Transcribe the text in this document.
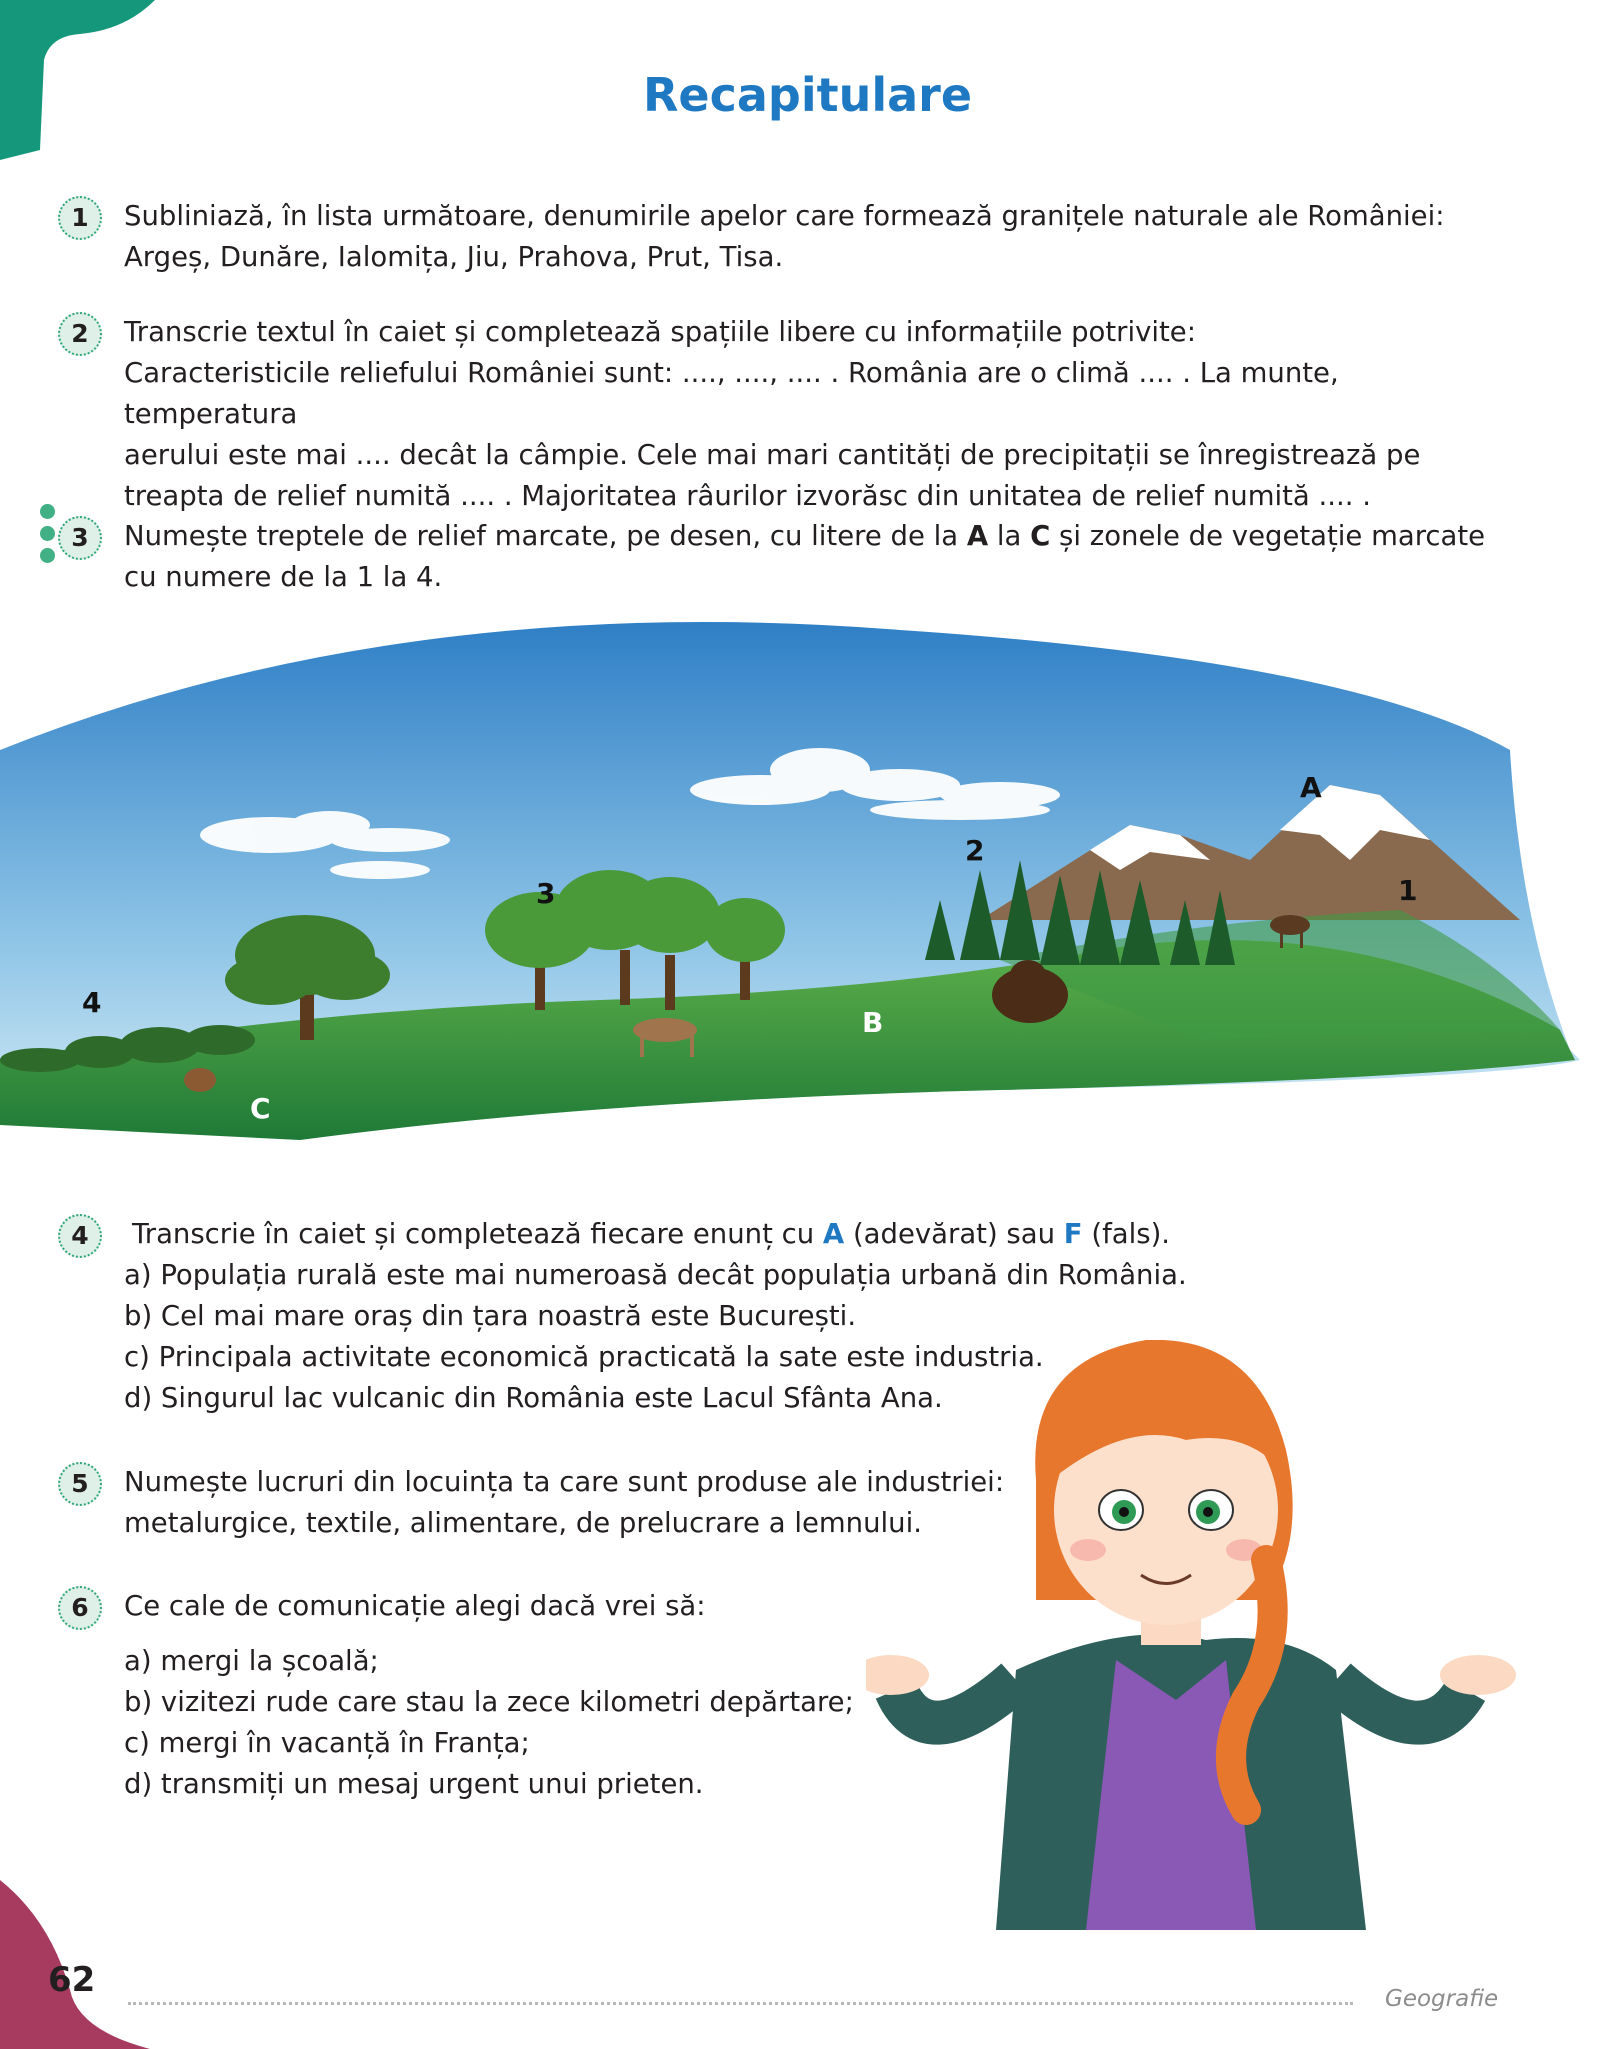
Recapitulare
1	Subliniază, în lista următoare, denumirile apelor care formează granițele naturale ale României:

Argeș, Dunăre, Ialomița, Jiu, Prahova, Prut, Tisa.

2	Transcrie textul în caiet și completează spațiile libere cu informațiile potrivite:

Caracteristicile reliefului României sunt: ...., ...., .... . România are o climă .... . La munte, temperatura

aerului este mai .... decât la câmpie. Cele mai mari cantități de precipitații se înregistrează pe

treapta de relief numită .... . Majoritatea râurilor izvorăsc din unitatea de relief numită .... .

3	Numește treptele de relief marcate, pe desen, cu litere de la A la C și zonele de vegetație marcate

cu numere de la 1 la 4.

A
B
C
1
2
3
4
4	Transcrie în caiet și completează fiecare enunț cu A (adevărat) sau F (fals).

a) Populația rurală este mai numeroasă decât populația urbană din România.

b) Cel mai mare oraș din țara noastră este București.

c) Principala activitate economică practicată la sate este industria.

d) Singurul lac vulcanic din România este Lacul Sfânta Ana.

5	Numește lucruri din locuința ta care sunt produse ale industriei:

metalurgice, textile, alimentare, de prelucrare a lemnului.

6	Ce cale de comunicație alegi dacă vrei să:

a) mergi la școală;

b) vizitezi rude care stau la zece kilometri depărtare;

c) mergi în vacanță în Franța;

d) transmiți un mesaj urgent unui prieten.

62	Geografie
